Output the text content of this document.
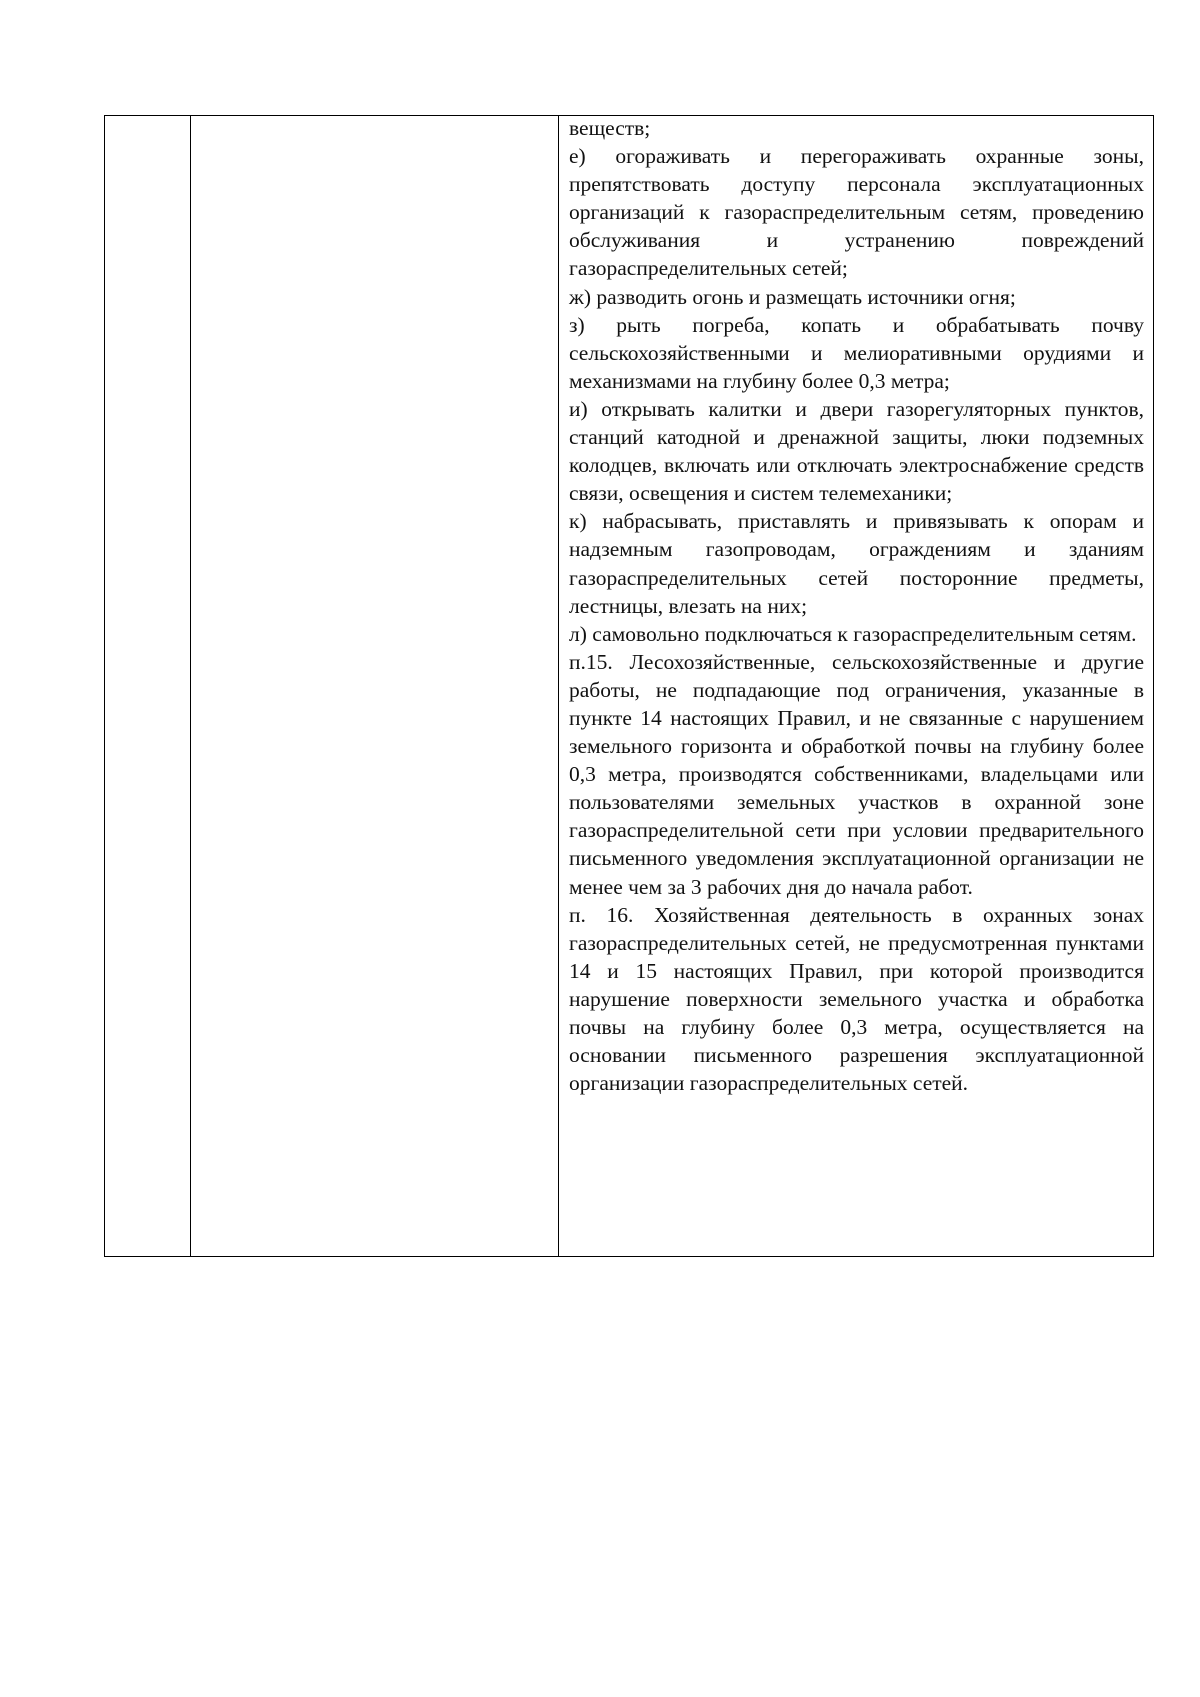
веществ;

е) огораживать и перегораживать охранные зоны, препятствовать доступу персонала эксплуатационных организаций к газораспределительным сетям, проведению обслуживания и устранению повреждений газораспределительных сетей;

ж) разводить огонь и размещать источники огня;

з) рыть погреба, копать и обрабатывать почву сельскохозяйственными и мелиоративными орудиями и механизмами на глубину более 0,3 метра;

и) открывать калитки и двери газорегуляторных пунктов, станций катодной и дренажной защиты, люки подземных колодцев, включать или отключать электроснабжение средств связи, освещения и систем телемеханики;

к) набрасывать, приставлять и привязывать к опорам и надземным газопроводам, ограждениям и зданиям газораспределительных сетей посторонние предметы, лестницы, влезать на них;

л) самовольно подключаться к газораспределительным сетям.

п.15. Лесохозяйственные, сельскохозяйственные и другие работы, не подпадающие под ограничения, указанные в пункте 14 настоящих Правил, и не связанные с нарушением земельного горизонта и обработкой почвы на глубину более 0,3 метра, производятся собственниками, владельцами или пользователями земельных участков в охранной зоне газораспределительной сети при условии предварительного письменного уведомления эксплуатационной организации не менее чем за 3 рабочих дня до начала работ.

п. 16. Хозяйственная деятельность в охранных зонах газораспределительных сетей, не предусмотренная пунктами 14 и 15 настоящих Правил, при которой производится нарушение поверхности земельного участка и обработка почвы на глубину более 0,3 метра, осуществляется на основании письменного разрешения эксплуатационной организации газораспределительных сетей.
